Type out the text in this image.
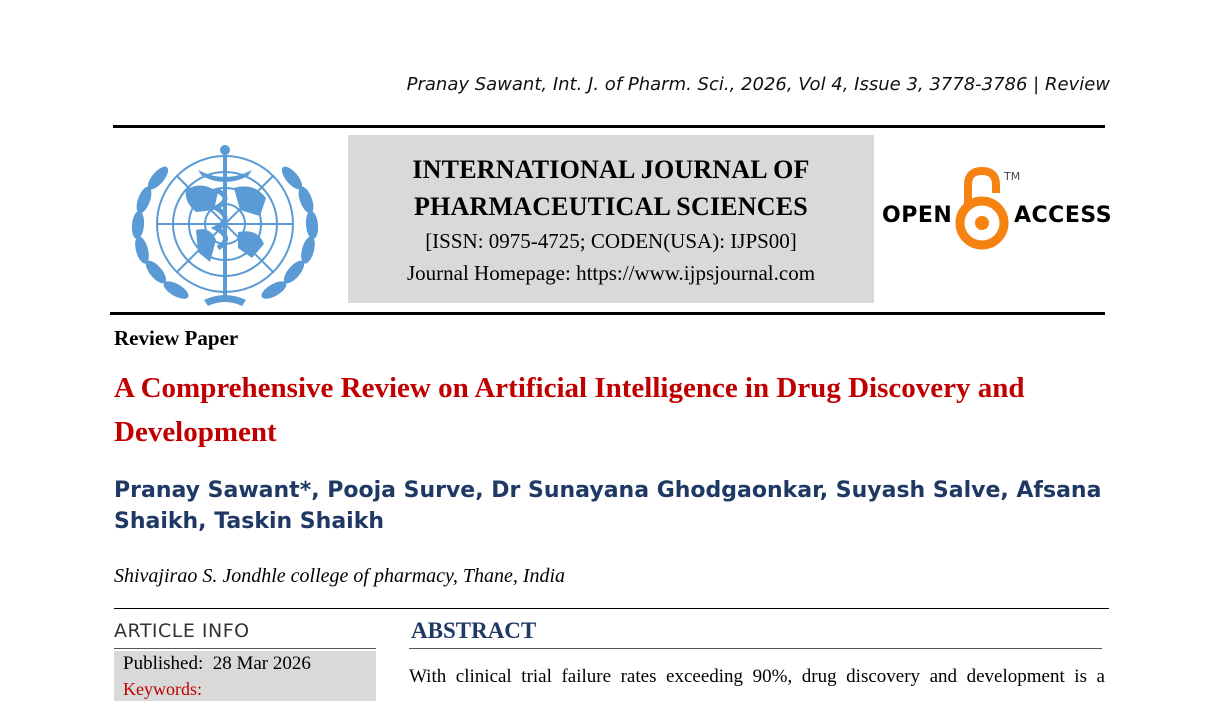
Pranay Sawant, Int. J. of Pharm. Sci., 2026, Vol 4, Issue 3, 3778-3786 | Review
INTERNATIONAL JOURNAL OF
PHARMACEUTICAL SCIENCES
[ISSN: 0975-4725; CODEN(USA): IJPS00]
Journal Homepage: https://www.ijpsjournal.com
OPEN
TM
ACCESS
Review Paper
A Comprehensive Review on Artificial Intelligence in Drug Discovery and Development
Pranay Sawant*, Pooja Surve, Dr Sunayana Ghodgaonkar, Suyash Salve, Afsana Shaikh, Taskin Shaikh
Shivajirao S. Jondhle college of pharmacy, Thane, India
ARTICLE INFO
Published:  28 Mar 2026
Keywords:
ABSTRACT
With clinical trial failure rates exceeding 90%, drug discovery and development is a
